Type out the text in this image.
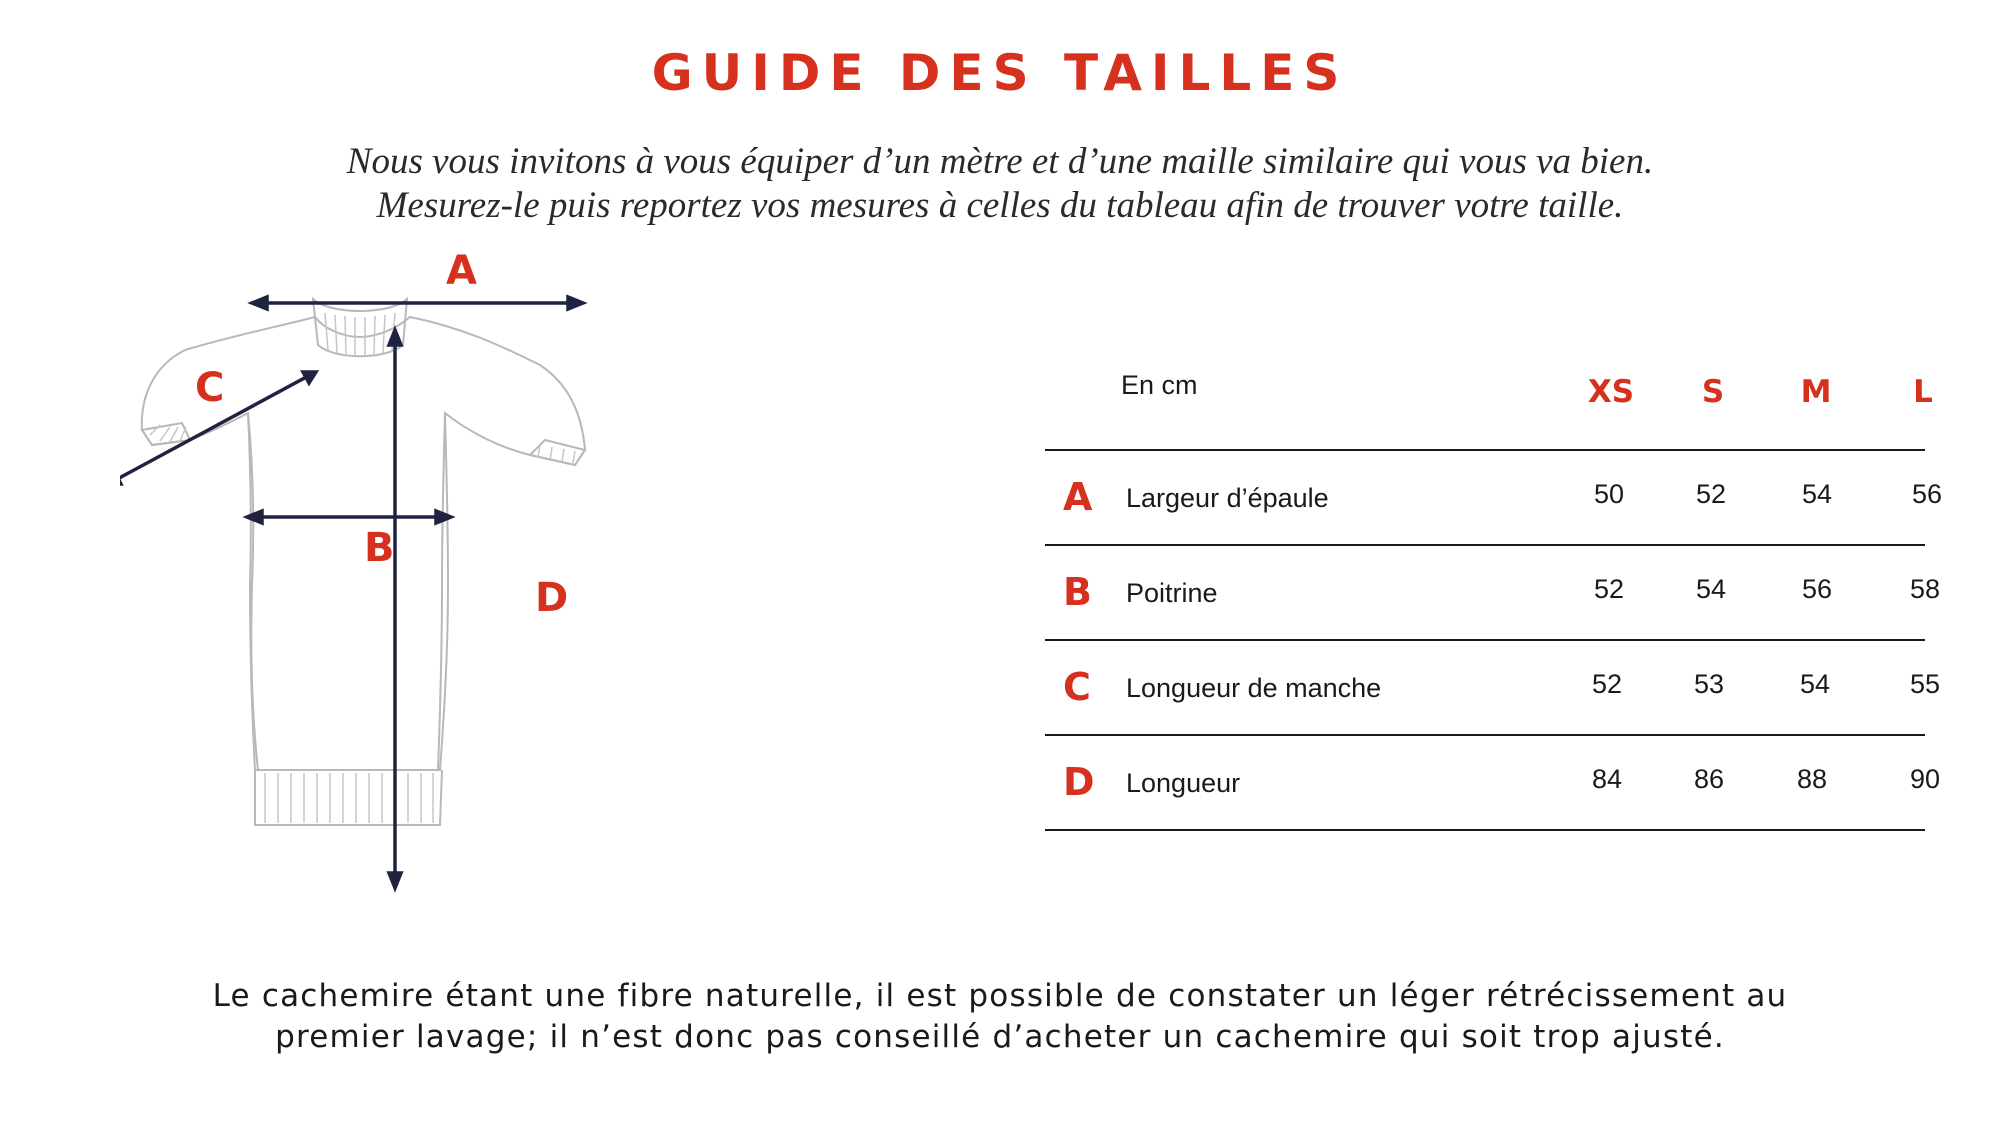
GUIDE DES TAILLES
Nous vous invitons à vous équiper d’un mètre et d’une maille similaire qui vous va bien.
Mesurez-le puis reportez vos mesures à celles du tableau afin de trouver votre taille.
A
B
C
D
En cm	XS	S	M	L
A Largeur d’épaule	50	52	54	56
B Poitrine	52	54	56	58
C Longueur de manche	52	53	54	55
D Longueur	84	86	88	90
Le cachemire étant une fibre naturelle, il est possible de constater un léger rétrécissement au
premier lavage; il n’est donc pas conseillé d’acheter un cachemire qui soit trop ajusté.
